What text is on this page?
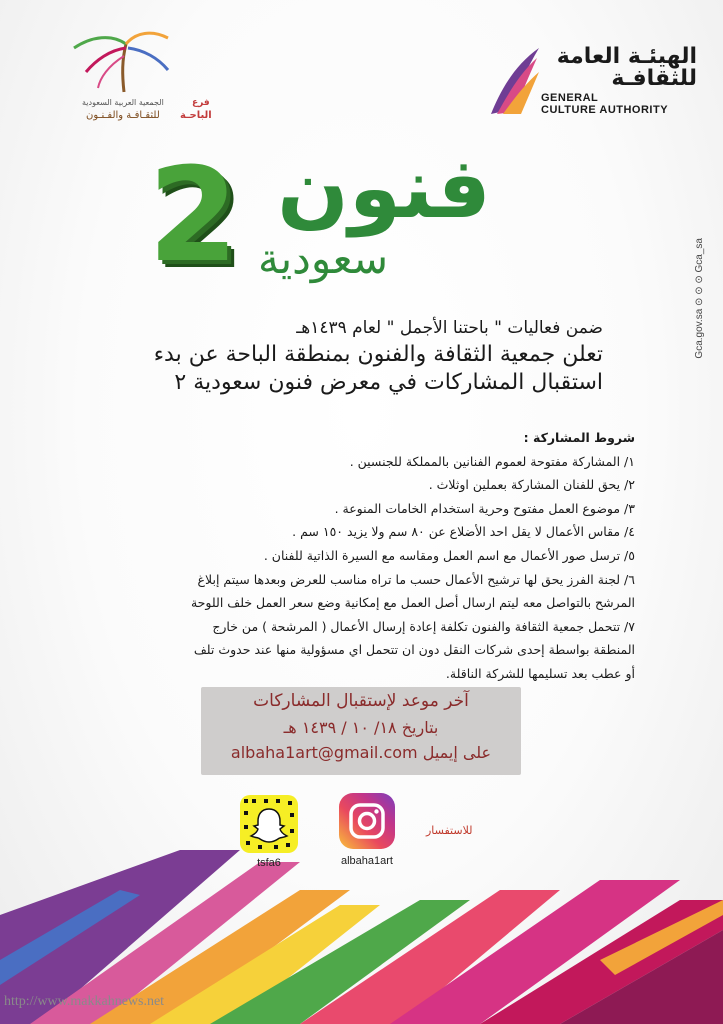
الهيئـة العامة
للثقافـة
GENERAL
CULTURE AUTHORITY
الجمعية العربية السعودية
للثقـافـة والفـنـون
فرع
الباحـة
2 فنون
سعودية
ضمن فعاليات " باحتنا الأجمل " لعام ١٤٣٩هـ
تعلن جمعية الثقافة والفنون بمنطقة الباحة عن بدء
استقبال المشاركات في معرض فنون سعودية ٢
شروط المشاركة :
١/ المشاركة مفتوحة لعموم الفنانين بالمملكة للجنسين .
٢/ يحق للفنان المشاركة بعملين اوثلاث .
٣/ موضوع العمل مفتوح وحرية استخدام الخامات المنوعة .
٤/ مقاس الأعمال لا يقل احد الأضلاع عن ٨٠ سم ولا يزيد ١٥٠ سم .
٥/ ترسل صور الأعمال مع اسم العمل ومقاسه مع السيرة الذاتية للفنان .
٦/ لجنة الفرز يحق لها ترشيح الأعمال حسب ما تراه مناسب للعرض وبعدها سيتم إبلاغ
المرشح بالتواصل معه ليتم ارسال أصل العمل مع إمكانية وضع سعر العمل خلف اللوحة
٧/ تتحمل جمعية الثقافة والفنون تكلفة إعادة إرسال الأعمال ( المرشحة ) من خارج
المنطقة بواسطة إحدى شركات النقل دون ان تتحمل اي مسؤولية منها عند حدوث تلف
أو عطب بعد تسليمها للشركة الناقلة.
آخر موعد لإستقبال المشاركات
بتاريخ ١٨/ ١٠ / ١٤٣٩ هـ
على إيميل albaha1art@gmail.com
tsfa6	albaha1art
للاستفسار
Gca.gov.sa ⊙ ⊙ ⊙ Gca_sa
http://www.makkahnews.net
